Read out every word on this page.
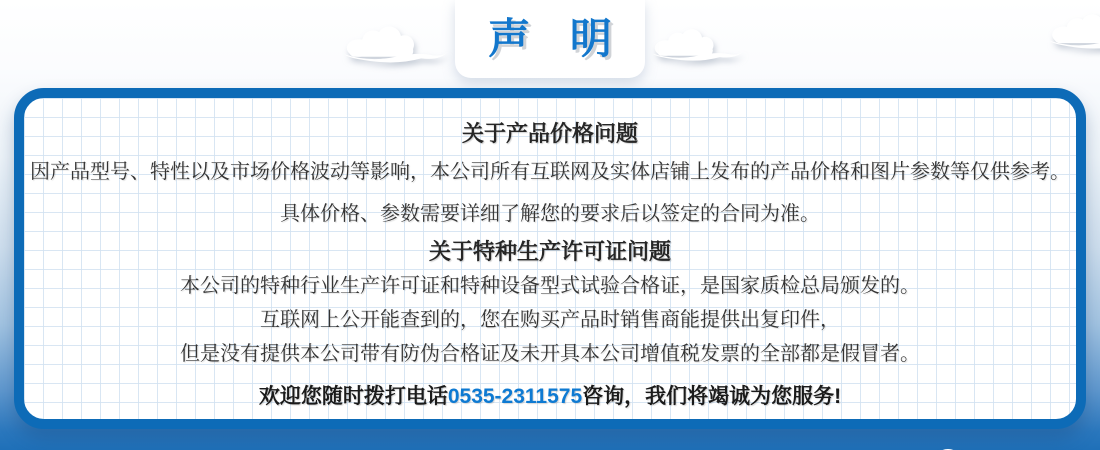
声 明
关于产品价格问题
因产品型号、特性以及市场价格波动等影响，本公司所有互联网及实体店铺上发布的产品价格和图片参数等仅供参考。
具体价格、参数需要详细了解您的要求后以签定的合同为准。
关于特种生产许可证问题
本公司的特种行业生产许可证和特种设备型式试验合格证，是国家质检总局颁发的。
互联网上公开能查到的，您在购买产品时销售商能提供出复印件，
但是没有提供本公司带有防伪合格证及未开具本公司增值税发票的全部都是假冒者。
欢迎您随时拨打电话0535-2311575咨询，我们将竭诚为您服务!
